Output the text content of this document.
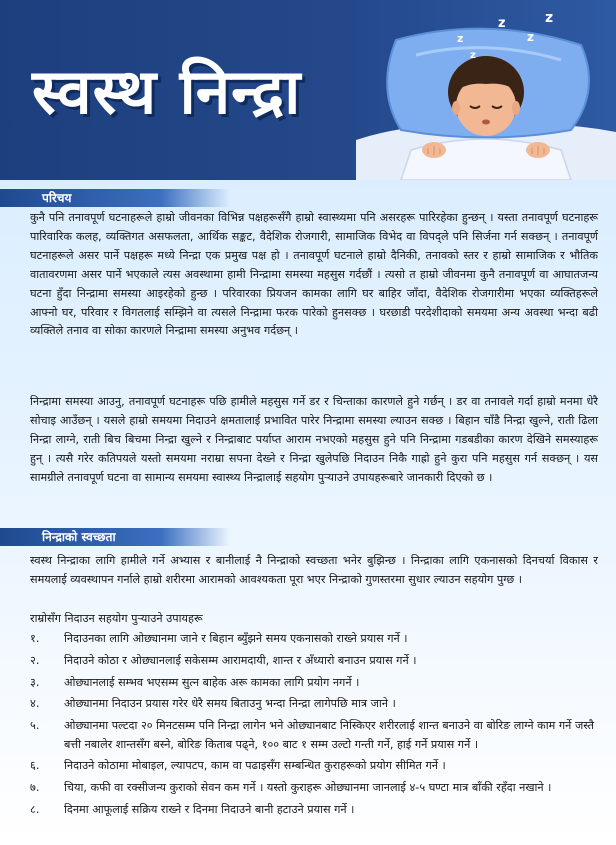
स्वस्थ निन्द्रा
z
z
z
z
z
परिचय

कुनै पनि तनावपूर्ण घटनाहरूले हाम्रो जीवनका विभिन्न पक्षहरूसँगै हाम्रो स्वास्थ्यमा पनि असरहरू पारिरहेका हुन्छन् । यस्ता तनावपूर्ण घटनाहरू पारिवारिक कलह, व्यक्तिगत असफलता, आर्थिक सङ्कट, वैदेशिक रोजगारी, सामाजिक विभेद वा विपद्ले पनि सिर्जना गर्न सक्छन् । तनावपूर्ण घटनाहरूले असर पार्ने पक्षहरू मध्ये निन्द्रा एक प्रमुख पक्ष हो । तनावपूर्ण घटनाले हाम्रो दैनिकी, तनावको स्तर र हाम्रो सामाजिक र भौतिक वातावरणमा असर पार्ने भएकाले त्यस अवस्थामा हामी निन्द्रामा समस्या महसुस गर्दछौं । त्यसो त हाम्रो जीवनमा कुनै तनावपूर्ण वा आघातजन्य घटना हुँदा निन्द्रामा समस्या आइरहेको हुन्छ । परिवारका प्रियजन कामका लागि घर बाहिर जाँदा, वैदेशिक रोजगारीमा भएका व्यक्तिहरूले आफ्नो घर, परिवार र विगतलाई सम्झिने वा त्यसले निन्द्रामा फरक पारेको हुनसक्छ । घरछाडी परदेशीदाको समयमा अन्य अवस्था भन्दा बढी व्यक्तिले तनाव वा सोका कारणले निन्द्रामा समस्या अनुभव गर्दछन् ।

निन्द्रामा समस्या आउनु, तनावपूर्ण घटनाहरू पछि हामीले महसुस गर्ने डर र चिन्ताका कारणले हुने गर्छन् । डर वा तनावले गर्दा हाम्रो मनमा धेरै सोचाइ आउँछन् । यसले हाम्रो समयमा निदाउने क्षमतालाई प्रभावित पारेर निन्द्रामा समस्या ल्याउन सक्छ । बिहान चाँडै निन्द्रा खुल्ने, राती ढिला निन्द्रा लाग्ने, राती बिच बिचमा निन्द्रा खुल्ने र निन्द्राबाट पर्याप्त आराम नभएको महसुस हुने पनि निन्द्रामा गडबडीका कारण देखिने समस्याहरू हुन् । त्यसै गरेर कतिपयले यस्तो समयमा नराम्रा सपना देख्ने र निन्द्रा खुलेपछि निदाउन निकै गाह्रो हुने कुरा पनि महसुस गर्न सक्छन् । यस सामग्रीले तनावपूर्ण घटना वा सामान्य समयमा स्वास्थ्य निन्द्रालाई सहयोग पुऱ्याउने उपायहरूबारे जानकारी दिएको छ ।

निन्द्राको स्वच्छता

स्वस्थ निन्द्राका लागि हामीले गर्ने अभ्यास र बानीलाई नै निन्द्राको स्वच्छता भनेर बुझिन्छ । निन्द्राका लागि एकनासको दिनचर्या विकास र समयलाई व्यवस्थापन गर्नाले हाम्रो शरीरमा आरामको आवश्यकता पूरा भएर निन्द्राको गुणस्तरमा सुधार ल्याउन सहयोग पुग्छ ।

राम्रोसँग निदाउन सहयोग पुऱ्याउने उपायहरू
१.	निदाउनका लागि ओछ्यानमा जाने र बिहान ब्युँझने समय एकनासको राख्ने प्रयास गर्ने ।
२.	निदाउने कोठा र ओछ्यानलाई सकेसम्म आरामदायी, शान्त र अँध्यारो बनाउन प्रयास गर्ने ।
३.	ओछ्यानलाई सम्भव भएसम्म सुत्न बाहेक अरू कामका लागि प्रयोग नगर्ने ।
४.	ओछ्यानमा निदाउन प्रयास गरेर धेरै समय बिताउनु भन्दा निन्द्रा लागेपछि मात्र जाने ।
५.	ओछ्यानमा पल्टदा २० मिनटसम्म पनि निन्द्रा लागेन भने ओछ्यानबाट निस्किएर शरीरलाई शान्त बनाउने वा बोरिङ लाग्ने काम गर्ने जस्तै बत्ती नबालेर शान्तसँग बस्ने, बोरिङ किताब पढ्ने, १०० बाट १ सम्म उल्टो गन्ती गर्ने, हाई गर्ने प्रयास गर्ने ।
६.	निदाउने कोठामा मोबाइल, ल्यापटप, काम वा पढाइसँग सम्बन्धित कुराहरूको प्रयोग सीमित गर्ने ।
७.	चिया, कफी वा रक्सीजन्य कुराको सेवन कम गर्ने । यस्तो कुराहरू ओछ्यानमा जानलाई ४-५ घण्टा मात्र बाँकी रहँदा नखाने ।
८.	दिनमा आफूलाई सक्रिय राख्ने र दिनमा निदाउने बानी हटाउने प्रयास गर्ने ।
